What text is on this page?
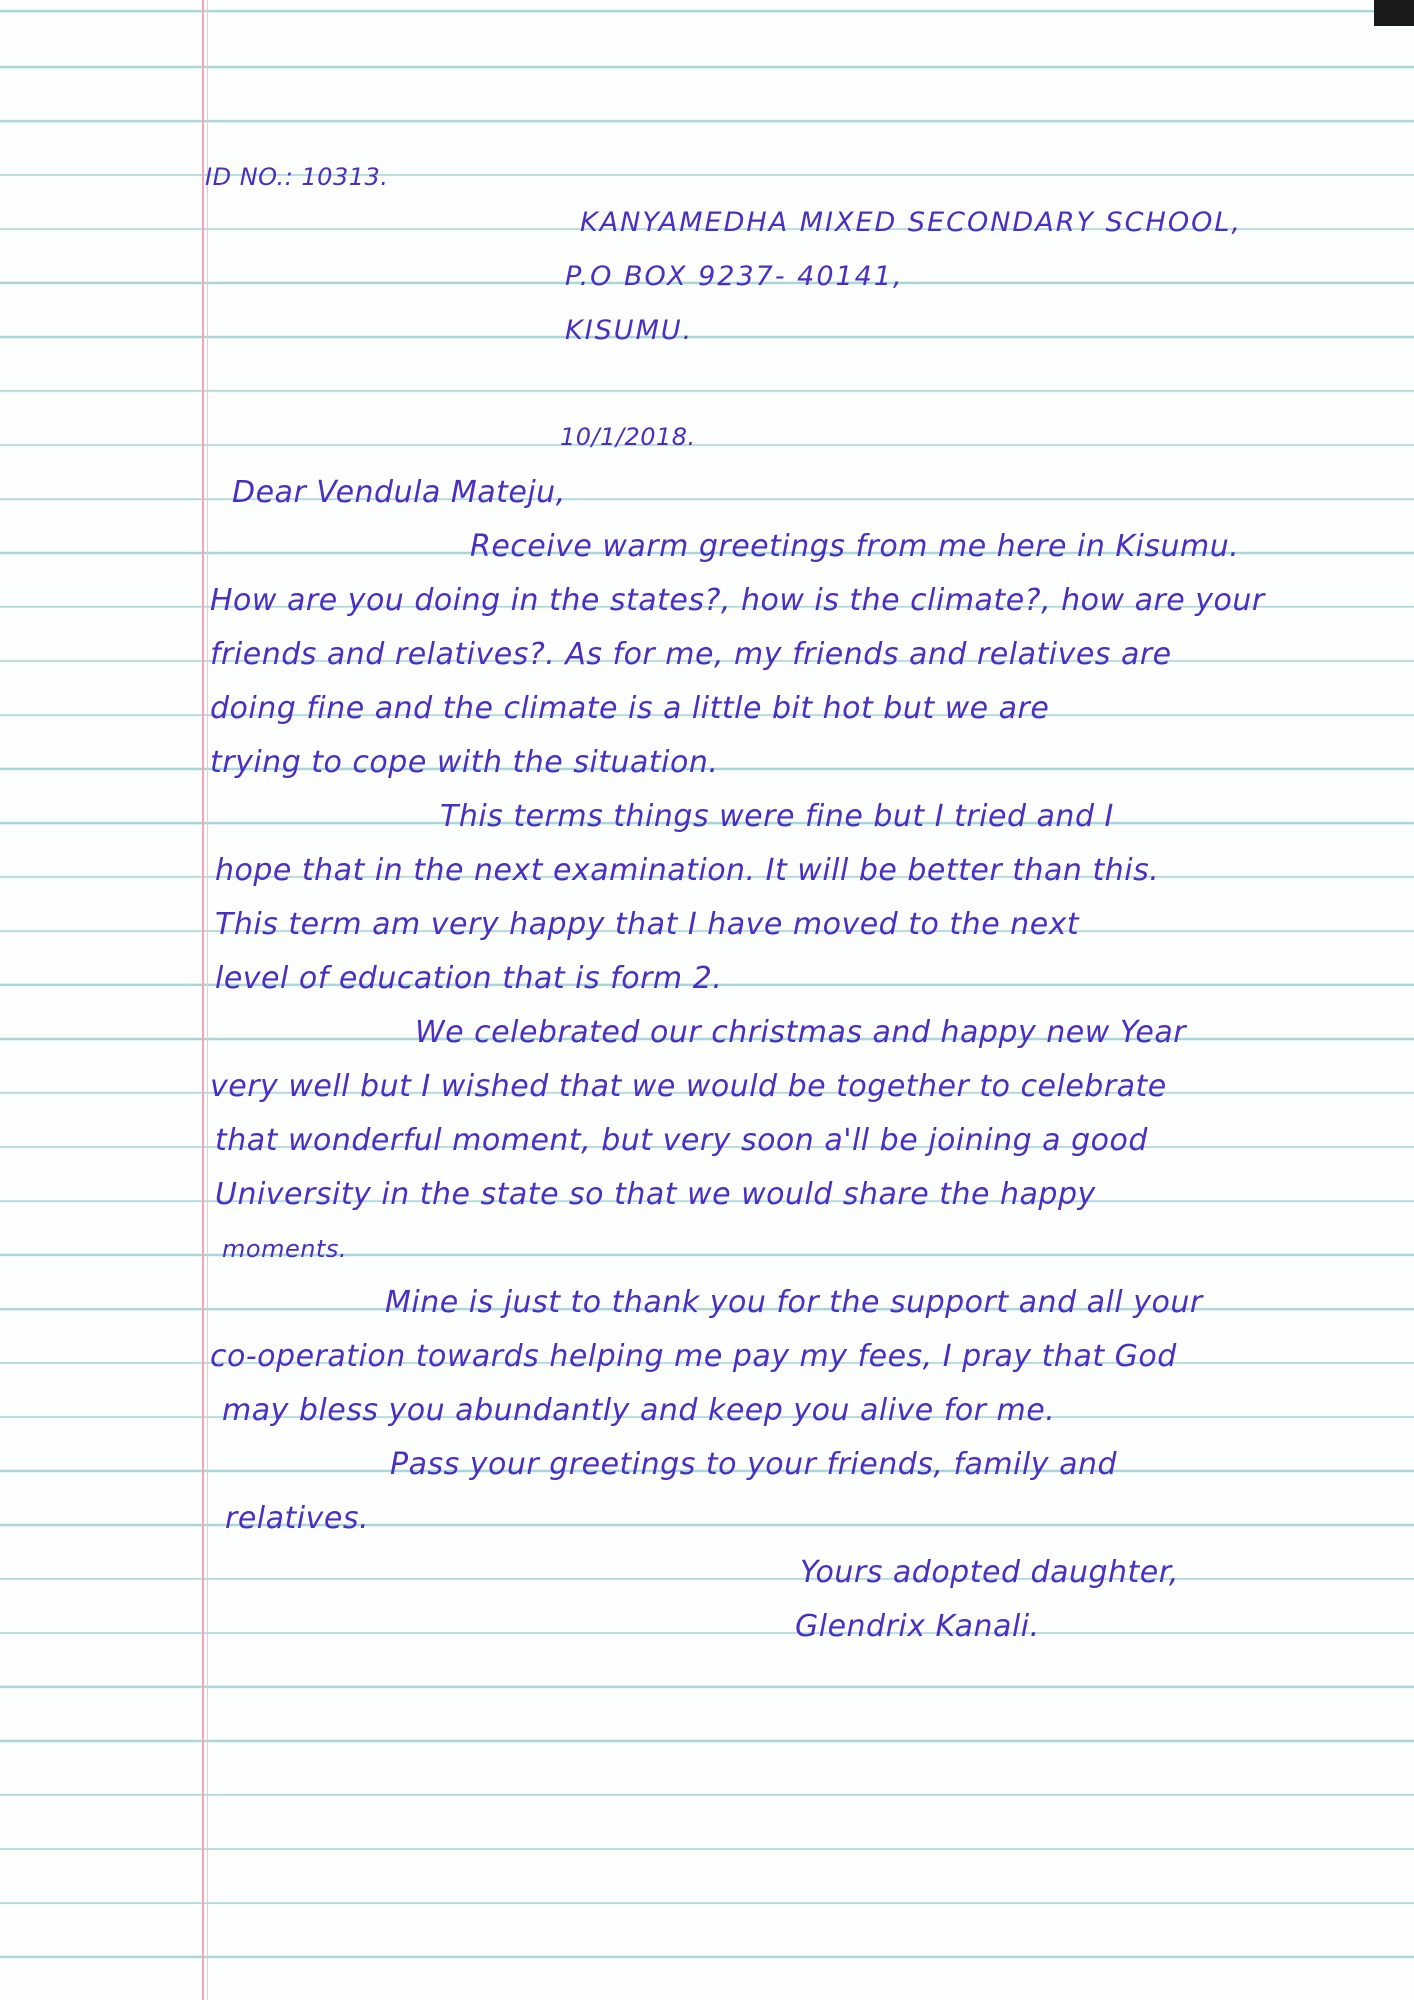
ID NO.: 10313.
KANYAMEDHA MIXED SECONDARY SCHOOL,
P.O BOX 9237- 40141,
KISUMU.
10/1/2018.
Dear Vendula Mateju,
Receive warm greetings from me here in Kisumu.
How are you doing in the states?, how is the climate?, how are your
friends and relatives?. As for me, my friends and relatives are
doing fine and the climate is a little bit hot but we are
trying to cope with the situation.
This terms things were fine but I tried and I
hope that in the next examination. It will be better than this.
This term am very happy that I have moved to the next
level of education that is form 2.
We celebrated our christmas and happy new Year
very well but I wished that we would be together to celebrate
that wonderful moment, but very soon a'll be joining a good
University in the state so that we would share the happy
moments.
Mine is just to thank you for the support and all your
co-operation towards helping me pay my fees, I pray that God
may bless you abundantly and keep you alive for me.
Pass your greetings to your friends, family and
relatives.
Yours adopted daughter,
Glendrix Kanali.
